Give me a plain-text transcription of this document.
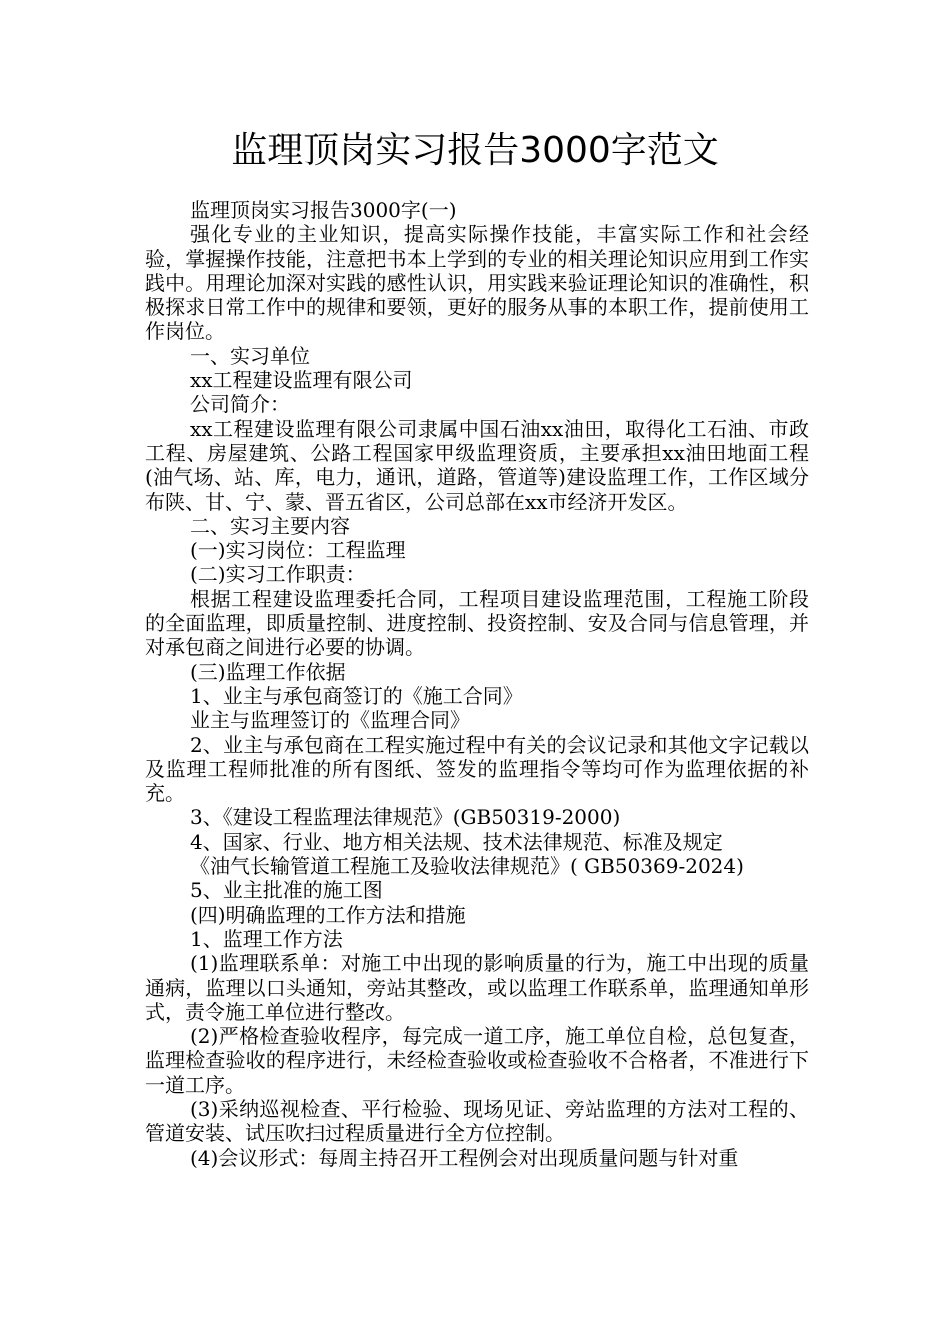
监理顶岗实习报告3000字范文

监理顶岗实习报告3000字(一)

强化专业的主业知识，提高实际操作技能，丰富实际工作和社会经验，掌握操作技能，注意把书本上学到的专业的相关理论知识应用到工作实践中。用理论加深对实践的感性认识，用实践来验证理论知识的准确性，积极探求日常工作中的规律和要领，更好的服务从事的本职工作，提前使用工作岗位。

一、实习单位

xx工程建设监理有限公司

公司简介：

xx工程建设监理有限公司隶属中国石油xx油田，取得化工石油、市政工程、房屋建筑、公路工程国家甲级监理资质，主要承担xx油田地面工程(油气场、站、库，电力，通讯，道路，管道等)建设监理工作，工作区域分布陕、甘、宁、蒙、晋五省区，公司总部在xx市经济开发区。

二、实习主要内容

(一)实习岗位：工程监理

(二)实习工作职责：

根据工程建设监理委托合同，工程项目建设监理范围，工程施工阶段的全面监理，即质量控制、进度控制、投资控制、安及合同与信息管理，并对承包商之间进行必要的协调。

(三)监理工作依据

1、业主与承包商签订的《施工合同》

业主与监理签订的《监理合同》

2、业主与承包商在工程实施过程中有关的会议记录和其他文字记载以及监理工程师批准的所有图纸、签发的监理指令等均可作为监理依据的补充。

3、《建设工程监理法律规范》(GB50319-2000)

4、国家、行业、地方相关法规、技术法律规范、标准及规定

《油气长输管道工程施工及验收法律规范》( GB50369-2024)

5、业主批准的施工图

(四)明确监理的工作方法和措施

1、监理工作方法

(1)监理联系单：对施工中出现的影响质量的行为，施工中出现的质量通病，监理以口头通知，旁站其整改，或以监理工作联系单，监理通知单形式，责令施工单位进行整改。

(2)严格检查验收程序，每完成一道工序，施工单位自检，总包复查，监理检查验收的程序进行，未经检查验收或检查验收不合格者，不准进行下一道工序。

(3)采纳巡视检查、平行检验、现场见证、旁站监理的方法对工程的、管道安装、试压吹扫过程质量进行全方位控制。

(4)会议形式：每周主持召开工程例会对出现质量问题与针对重
